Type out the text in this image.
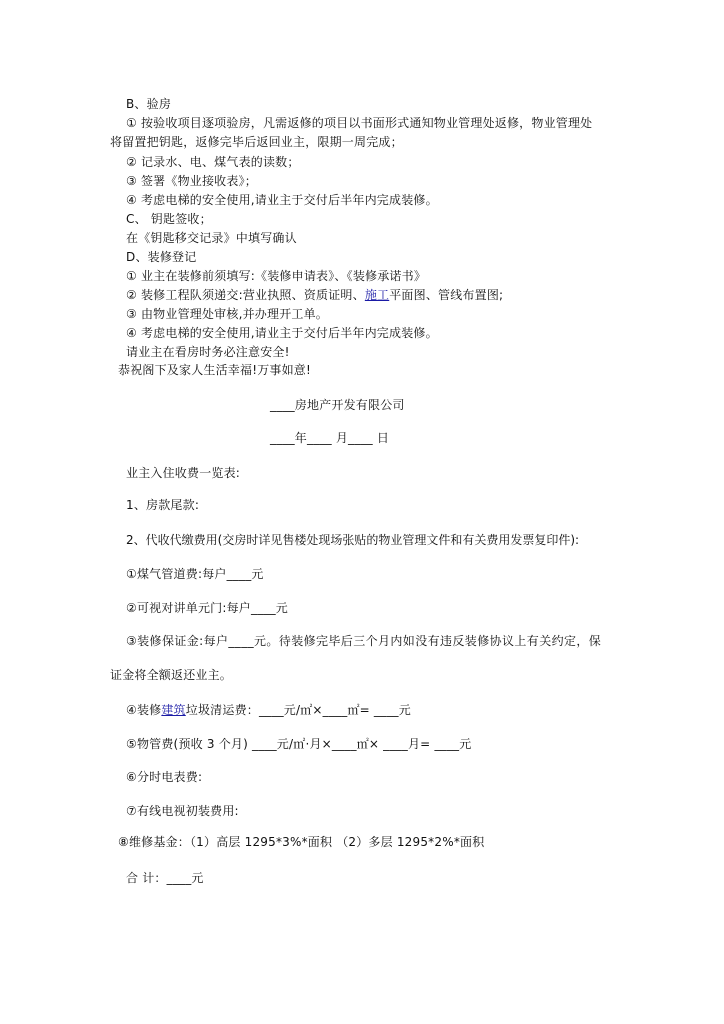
B、验房
① 按验收项目逐项验房，凡需返修的项目以书面形式通知物业管理处返修，物业管理处
将留置把钥匙，返修完毕后返回业主，限期一周完成；
② 记录水、电、煤气表的读数；
③ 签署《物业接收表》；
④ 考虑电梯的安全使用,请业主于交付后半年内完成装修。
C、 钥匙签收；
在《钥匙移交记录》中填写确认
D、装修登记
① 业主在装修前须填写:《装修申请表》、《装修承诺书》
② 装修工程队须递交:营业执照、资质证明、施工平面图、管线布置图;
③ 由物业管理处审核,并办理开工单。
④ 考虑电梯的安全使用,请业主于交付后半年内完成装修。
请业主在看房时务必注意安全!
恭祝阁下及家人生活幸福!万事如意!
____房地产开发有限公司
____年____ 月____ 日
业主入住收费一览表:
1、房款尾款:
2、代收代缴费用(交房时详见售楼处现场张贴的物业管理文件和有关费用发票复印件):
①煤气管道费:每户____元
②可视对讲单元门:每户____元
③装修保证金:每户____元。待装修完毕后三个月内如没有违反装修协议上有关约定，保
证金将全额返还业主。
④装修建筑垃圾清运费：____元/㎡×____㎡= ____元
⑤物管费(预收 3 个月) ____元/㎡·月×____㎡× ____月= ____元
⑥分时电表费:
⑦有线电视初装费用:
⑧维修基金：（1）高层 1295*3%*面积 （2）多层 1295*2%*面积
合 计：____元
